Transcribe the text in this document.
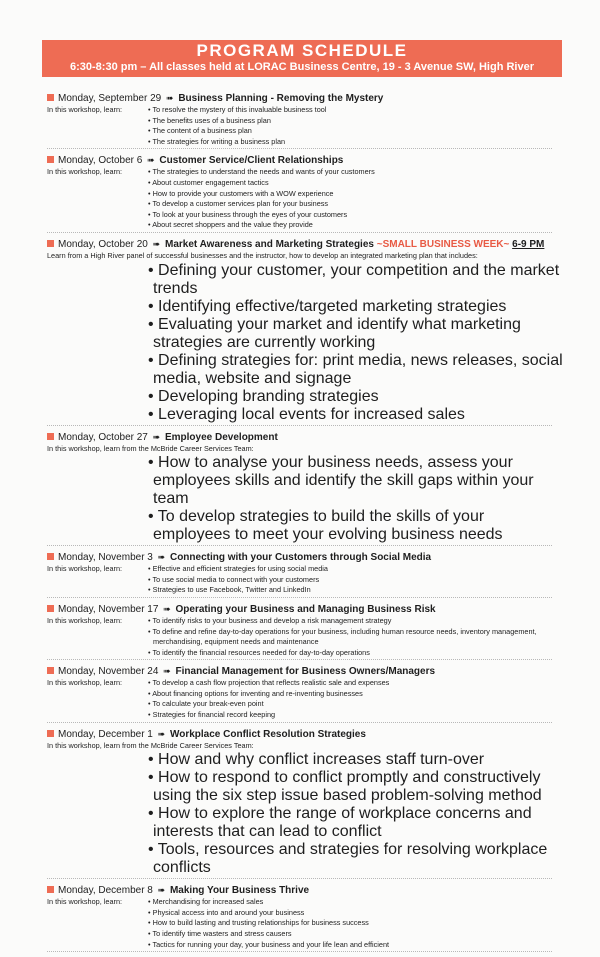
PROGRAM SCHEDULE
6:30-8:30 pm – All classes held at LORAC Business Centre, 19 - 3 Avenue SW, High River
Monday, September 29 ➠ Business Planning - Removing the Mystery
In this workshop, learn:	• To resolve the mystery of this invaluable business tool
• The benefits uses of a business plan
• The content of a business plan
• The strategies for writing a business plan
Monday, October 6 ➠ Customer Service/Client Relationships
In this workshop, learn:	• The strategies to understand the needs and wants of your customers
• About customer engagement tactics
• How to provide your customers with a WOW experience
• To develop a customer services plan for your business
• To look at your business through the eyes of your customers
• About secret shoppers and the value they provide
Monday, October 20 ➠ Market Awareness and Marketing Strategies ~SMALL BUSINESS WEEK~ 6-9 PM
Learn from a High River panel of successful businesses and the instructor, how to develop an integrated marketing plan that includes:
• Defining your customer, your competition and the market trends
• Identifying effective/targeted marketing strategies
• Evaluating your market and identify what marketing strategies are currently working
• Defining strategies for: print media, news releases, social media, website and signage
• Developing branding strategies
• Leveraging local events for increased sales
Monday, October 27 ➠ Employee Development
In this workshop, learn from the McBride Career Services Team:
• How to analyse your business needs, assess your employees skills and identify the skill gaps within your team
• To develop strategies to build the skills of your employees to meet your evolving business needs
Monday, November 3 ➠ Connecting with your Customers through Social Media
In this workshop, learn:	• Effective and efficient strategies for using social media
• To use social media to connect with your customers
• Strategies to use Facebook, Twitter and LinkedIn
Monday, November 17 ➠ Operating your Business and Managing Business Risk
In this workshop, learn:	• To identify risks to your business and develop a risk management strategy
• To define and refine day-to-day operations for your business, including human resource needs, inventory management, merchandising, equipment needs and maintenance
• To identify the financial resources needed for day-to-day operations
Monday, November 24 ➠ Financial Management for Business Owners/Managers
In this workshop, learn:	• To develop a cash flow projection that reflects realistic sale and expenses
• About financing options for inventing and re-inventing businesses
• To calculate your break-even point
• Strategies for financial record keeping
Monday, December 1 ➠ Workplace Conflict Resolution Strategies
In this workshop, learn from the McBride Career Services Team:
• How and why conflict increases staff turn-over
• How to respond to conflict promptly and constructively using the six step issue based problem-solving method
• How to explore the range of workplace concerns and interests that can lead to conflict
• Tools, resources and strategies for resolving workplace conflicts
Monday, December 8 ➠ Making Your Business Thrive
In this workshop, learn:	• Merchandising for increased sales
• Physical access into and around your business
• How to build lasting and trusting relationships for business success
• To identify time wasters and stress causers
• Tactics for running your day, your business and your life lean and efficient
